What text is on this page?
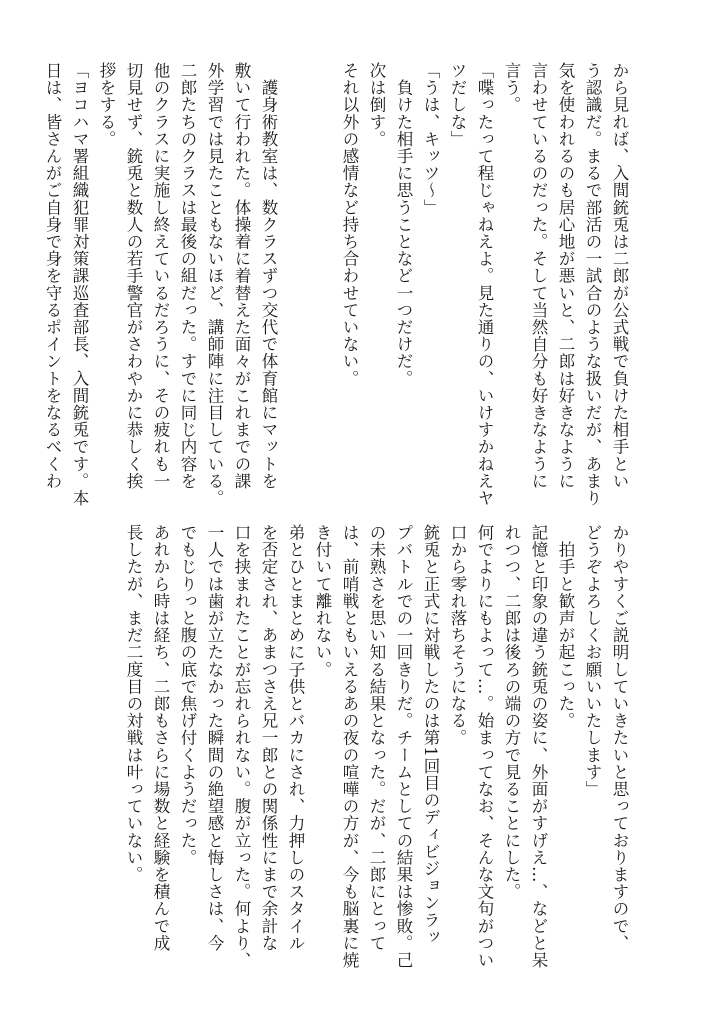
から見れば、入間銃兎は二郎が公式戦で負けた相手とい

う認識だ。まるで部活の一試合のような扱いだが、あまり

気を使われるのも居心地が悪いと、二郎は好きなように

言わせているのだった。そして当然自分も好きなように

言う。

「喋ったって程じゃねえよ。見た通りの、いけすかねえヤ

ツだしな」

「うは、キッツ〜」

　負けた相手に思うことなど一つだけだ。

次は倒す。

それ以外の感情など持ち合わせていない。

　護身術教室は、数クラスずつ交代で体育館にマットを

敷いて行われた。体操着に着替えた面々がこれまでの課

外学習では見たこともないほど、講師陣に注目している。

二郎たちのクラスは最後の組だった。すでに同じ内容を

他のクラスに実施し終えているだろうに、その疲れも一

切見せず、銃兎と数人の若手警官がさわやかに恭しく挨

拶をする。

「ヨコハマ署組織犯罪対策課巡査部長、入間銃兎です。本

日は、皆さんがご自身で身を守るポイントをなるべくわ

かりやすくご説明していきたいと思っておりますので、

どうぞよろしくお願いいたします」

　拍手と歓声が起こった。

記憶と印象の違う銃兎の姿に、外面がすげえ…、などと呆

れつつ、二郎は後ろの端の方で見ることにした。

何でよりにもよって…。始まってなお、そんな文句がつい

口から零れ落ちそうになる。

銃兎と正式に対戦したのは第1回目のディビジョンラッ

プバトルでの一回きりだ。チームとしての結果は惨敗。己

の未熟さを思い知る結果となった。だが、二郎にとって

は、前哨戦ともいえるあの夜の喧嘩の方が、今も脳裏に焼

き付いて離れない。

弟とひとまとめに子供とバカにされ、力押しのスタイル

を否定され、あまつさえ兄一郎との関係性にまで余計な

口を挟まれたことが忘れられない。腹が立った。何より、

一人では歯が立たなかった瞬間の絶望感と悔しさは、今

でもじりっと腹の底で焦げ付くようだった。

あれから時は経ち、二郎もさらに場数と経験を積んで成

長したが、まだ二度目の対戦は叶っていない。
